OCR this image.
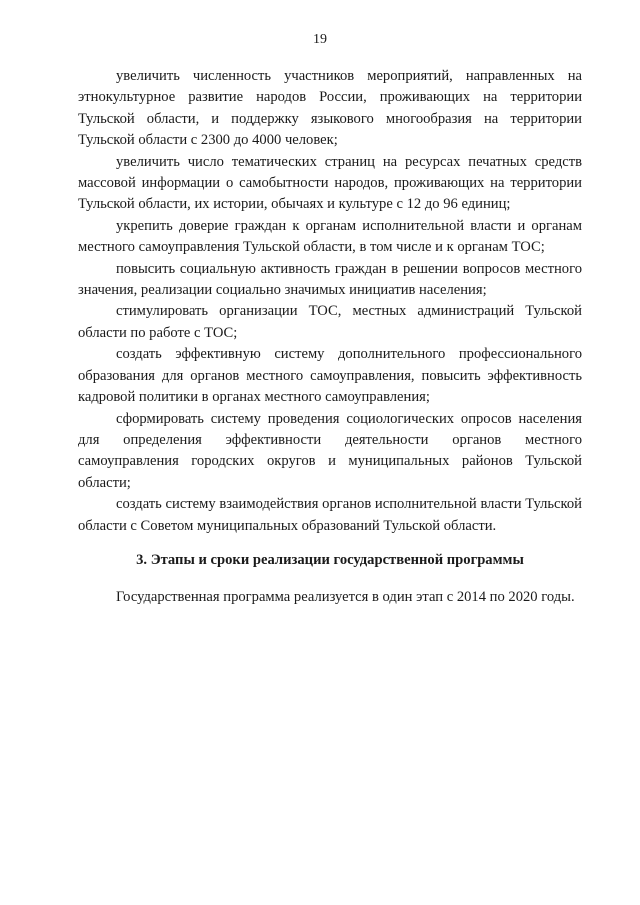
19

увеличить численность участников мероприятий, направленных на этнокультурное развитие народов России, проживающих на территории Тульской области, и поддержку языкового многообразия на территории Тульской области с 2300 до 4000 человек;

увеличить число тематических страниц на ресурсах печатных средств массовой информации о самобытности народов, проживающих на территории Тульской области, их истории, обычаях и культуре с 12 до 96 единиц;

укрепить доверие граждан к органам исполнительной власти и органам местного самоуправления Тульской области, в том числе и к органам ТОС;

повысить социальную активность граждан в решении вопросов местного значения, реализации социально значимых инициатив населения;

стимулировать организации ТОС, местных администраций Тульской области по работе с ТОС;

создать эффективную систему дополнительного профессионального образования для органов местного самоуправления, повысить эффективность кадровой политики в органах местного самоуправления;

сформировать систему проведения социологических опросов населения для определения эффективности деятельности органов местного самоуправления городских округов и муниципальных районов Тульской области;

создать систему взаимодействия органов исполнительной власти Тульской области с Советом муниципальных образований Тульской области.

3. Этапы и сроки реализации государственной программы

Государственная программа реализуется в один этап с 2014 по 2020 годы.
